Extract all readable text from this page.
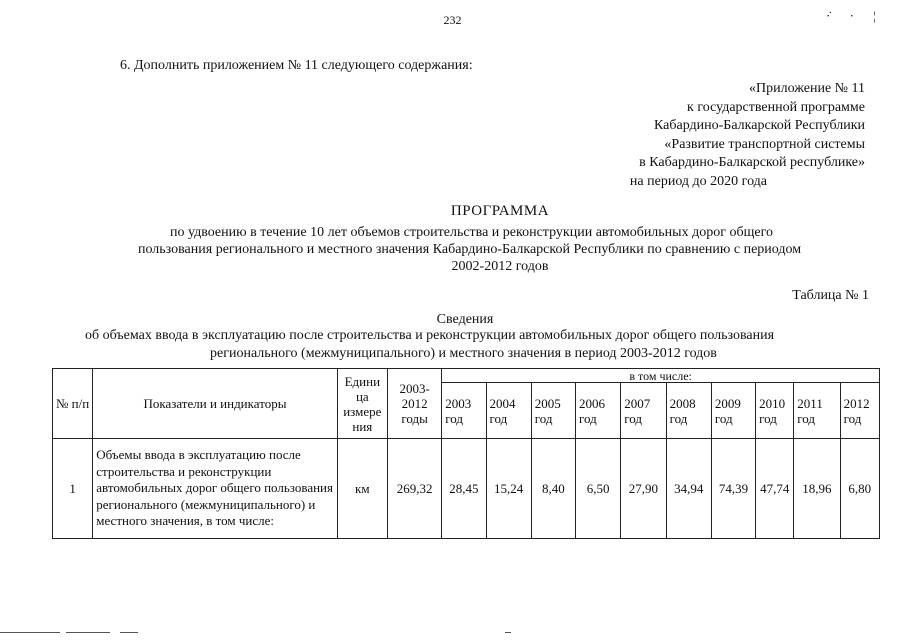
232	·̇ · ¦
6. Дополнить приложением № 11 следующего содержания:
«Приложение № 11
к государственной программе
Кабардино-Балкарской Республики
«Развитие транспортной системы
в Кабардино-Балкарской республике»
на период до 2020 года
ПРОГРАММА
по удвоению в течение 10 лет объемов строительства и реконструкции автомобильных дорог общего
пользования регионального и местного значения Кабардино-Балкарской Республики по сравнению с периодом
2002-2012 годов
Таблица № 1
Сведения
об объемах ввода в эксплуатацию после строительства и реконструкции автомобильных дорог общего пользования
регионального (межмуниципального) и местного значения в период 2003-2012 годов
№ п/п	Показатели и индикаторы	Едини ца измере ния	2003- 2012 годы	в том числе:									
				2003 год	2004 год	2005 год	2006 год	2007 год	2008 год	2009 год	2010 год	2011 год	2012 год
1	Объемы ввода в эксплуатацию после строительства и реконструкции автомобильных дорог общего пользования регионального (межмуниципального) и местного значения, в том числе:	км	269,32	28,45	15,24	8,40	6,50	27,90	34,94	74,39	47,74	18,96	6,80
